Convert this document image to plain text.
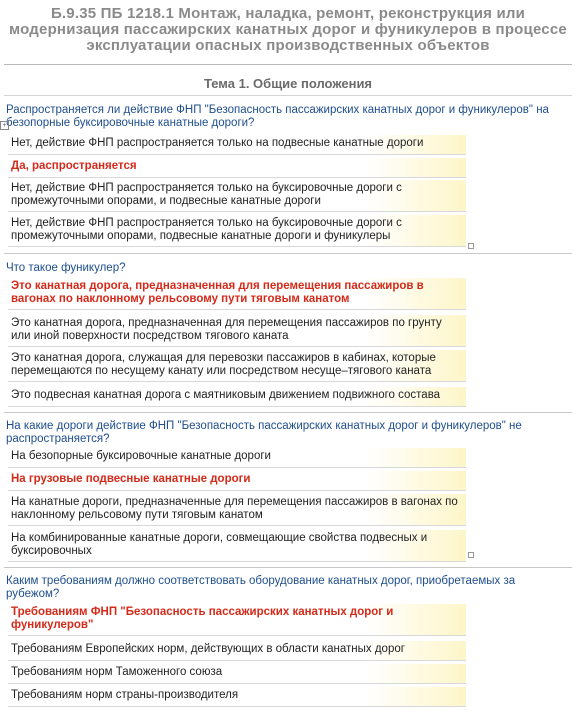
Б.9.35 ПБ 1218.1 Монтаж, наладка, ремонт, реконструкция или
модернизация пассажирских канатных дорог и фуникулеров в процессе
эксплуатации опасных производственных объектов
Тема 1. Общие положения
Распространяется ли действие ФНП "Безопасность пассажирских канатных дорог и фуникулеров" на безопорные буксировочные канатные дороги?
+
Нет, действие ФНП распространяется только на подвесные канатные дороги
Да, распространяется
Нет, действие ФНП распространяется только на буксировочные дороги с промежуточными опорами, и подвесные канатные дороги
Нет, действие ФНП распространяется только на буксировочные дороги с промежуточными опорами, подвесные канатные дороги и фуникулеры
Что такое фуникулер?
Это канатная дорога, предназначенная для перемещения пассажиров в вагонах по наклонному рельсовому пути тяговым канатом
Это канатная дорога, предназначенная для перемещения пассажиров по грунту или иной поверхности посредством тягового каната
Это канатная дорога, служащая для перевозки пассажиров в кабинах, которые перемещаются по несущему канату или посредством несуще–тягового каната
Это подвесная канатная дорога с маятниковым движением подвижного состава
На какие дороги действие ФНП "Безопасность пассажирских канатных дорог и фуникулеров" не распространяется?
На безопорные буксировочные канатные дороги
На грузовые подвесные канатные дороги
На канатные дороги, предназначенные для перемещения пассажиров в вагонах по наклонному рельсовому пути тяговым канатом
На комбинированные канатные дороги, совмещающие свойства подвесных и буксировочных
Каким требованиям должно соответствовать оборудование канатных дорог, приобретаемых за рубежом?
Требованиям ФНП "Безопасность пассажирских канатных дорог и фуникулеров"
Требованиям Европейских норм, действующих в области канатных дорог
Требованиям норм Таможенного союза
Требованиям норм страны-производителя
